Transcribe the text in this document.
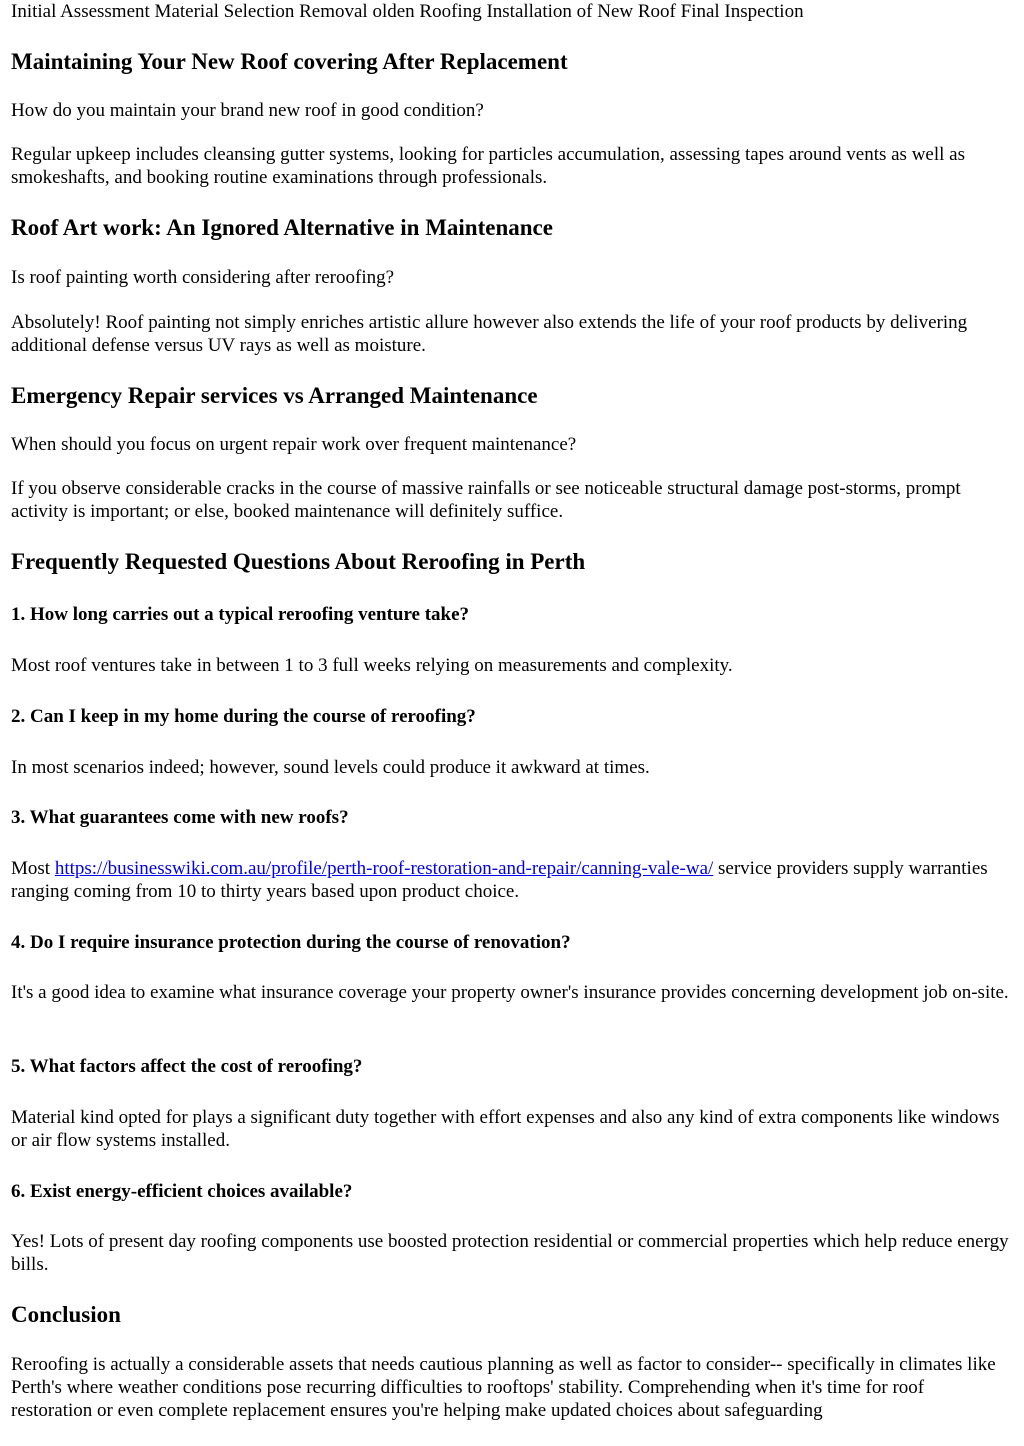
Initial Assessment Material Selection Removal olden Roofing Installation of New Roof Final Inspection

Maintaining Your New Roof covering After Replacement

How do you maintain your brand new roof in good condition?

Regular upkeep includes cleansing gutter systems, looking for particles accumulation, assessing tapes around vents as well as smokeshafts, and booking routine examinations through professionals.

Roof Art work: An Ignored Alternative in Maintenance

Is roof painting worth considering after reroofing?

Absolutely! Roof painting not simply enriches artistic allure however also extends the life of your roof products by delivering additional defense versus UV rays as well as moisture.

Emergency Repair services vs Arranged Maintenance

When should you focus on urgent repair work over frequent maintenance?

If you observe considerable cracks in the course of massive rainfalls or see noticeable structural damage post-storms, prompt activity is important; or else, booked maintenance will definitely suffice.

Frequently Requested Questions About Reroofing in Perth
1. How long carries out a typical reroofing venture take?

Most roof ventures take in between 1 to 3 full weeks relying on measurements and complexity.

2. Can I keep in my home during the course of reroofing?

In most scenarios indeed; however, sound levels could produce it awkward at times.

3. What guarantees come with new roofs?

Most https://businesswiki.com.au/profile/perth-roof-restoration-and-repair/canning-vale-wa/ service providers supply warranties ranging coming from 10 to thirty years based upon product choice.

4. Do I require insurance protection during the course of renovation?

It's a good idea to examine what insurance coverage your property owner's insurance provides concerning development job on-site.

5. What factors affect the cost of reroofing?

Material kind opted for plays a significant duty together with effort expenses and also any kind of extra components like windows or air flow systems installed.

6. Exist energy-efficient choices available?

Yes! Lots of present day roofing components use boosted protection residential or commercial properties which help reduce energy bills.

Conclusion

Reroofing is actually a considerable assets that needs cautious planning as well as factor to consider-- specifically in climates like Perth's where weather conditions pose recurring difficulties to rooftops' stability. Comprehending when it's time for roof restoration or even complete replacement ensures you're helping make updated choices about safeguarding
